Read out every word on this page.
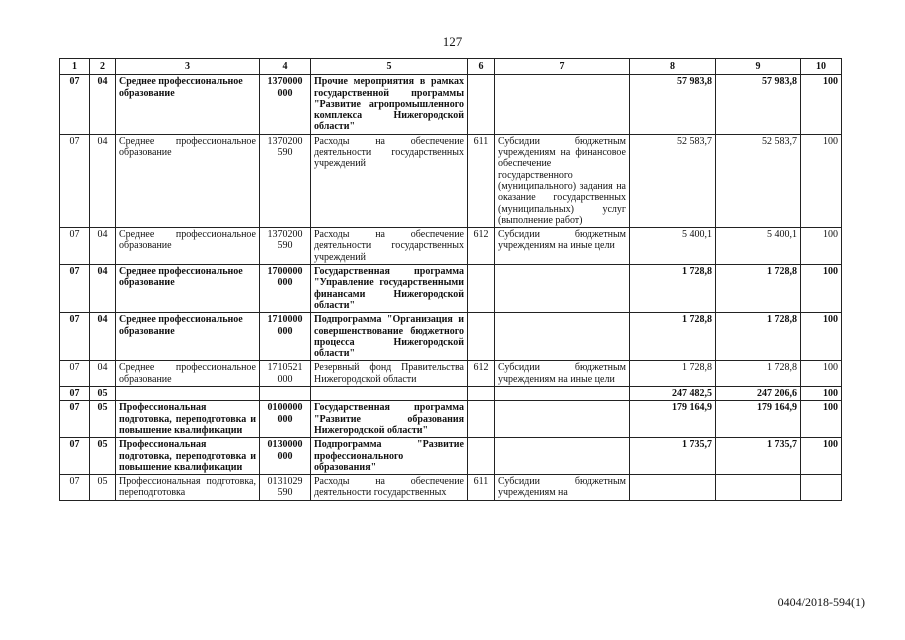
127
1	2	3	4	5	6	7	8	9	10
07	04	Среднее профессиональное образование	1370000 000	Прочие мероприятия в рамках государственной программы "Развитие агропромышленного комплекса Нижегородской области"			57 983,8	57 983,8	100
07	04	Среднее профессиональное образование	1370200 590	Расходы на обеспечение деятельности государственных учреждений	611	Субсидии бюджетным учреждениям на финансовое обеспечение государственного (муниципального) задания на оказание государственных (муниципальных) услуг (выполнение работ)	52 583,7	52 583,7	100
07	04	Среднее профессиональное образование	1370200 590	Расходы на обеспечение деятельности государственных учреждений	612	Субсидии бюджетным учреждениям на иные цели	5 400,1	5 400,1	100
07	04	Среднее профессиональное образование	1700000 000	Государственная программа "Управление государственными финансами Нижегородской области"			1 728,8	1 728,8	100
07	04	Среднее профессиональное образование	1710000 000	Подпрограмма "Организация и совершенствование бюджетного процесса Нижегородской области"			1 728,8	1 728,8	100
07	04	Среднее профессиональное образование	1710521 000	Резервный фонд Правительства Нижегородской области	612	Субсидии бюджетным учреждениям на иные цели	1 728,8	1 728,8	100
07	05						247 482,5	247 206,6	100
07	05	Профессиональная подготовка, переподготовка и повышение квалификации	0100000 000	Государственная программа "Развитие образования Нижегородской области"			179 164,9	179 164,9	100
07	05	Профессиональная подготовка, переподготовка и повышение квалификации	0130000 000	Подпрограмма "Развитие профессионального образования"			1 735,7	1 735,7	100
07	05	Профессиональная подготовка, переподготовка	0131029 590	Расходы на обеспечение деятельности государственных	611	Субсидии бюджетным учреждениям на			
0404/2018-594(1)
